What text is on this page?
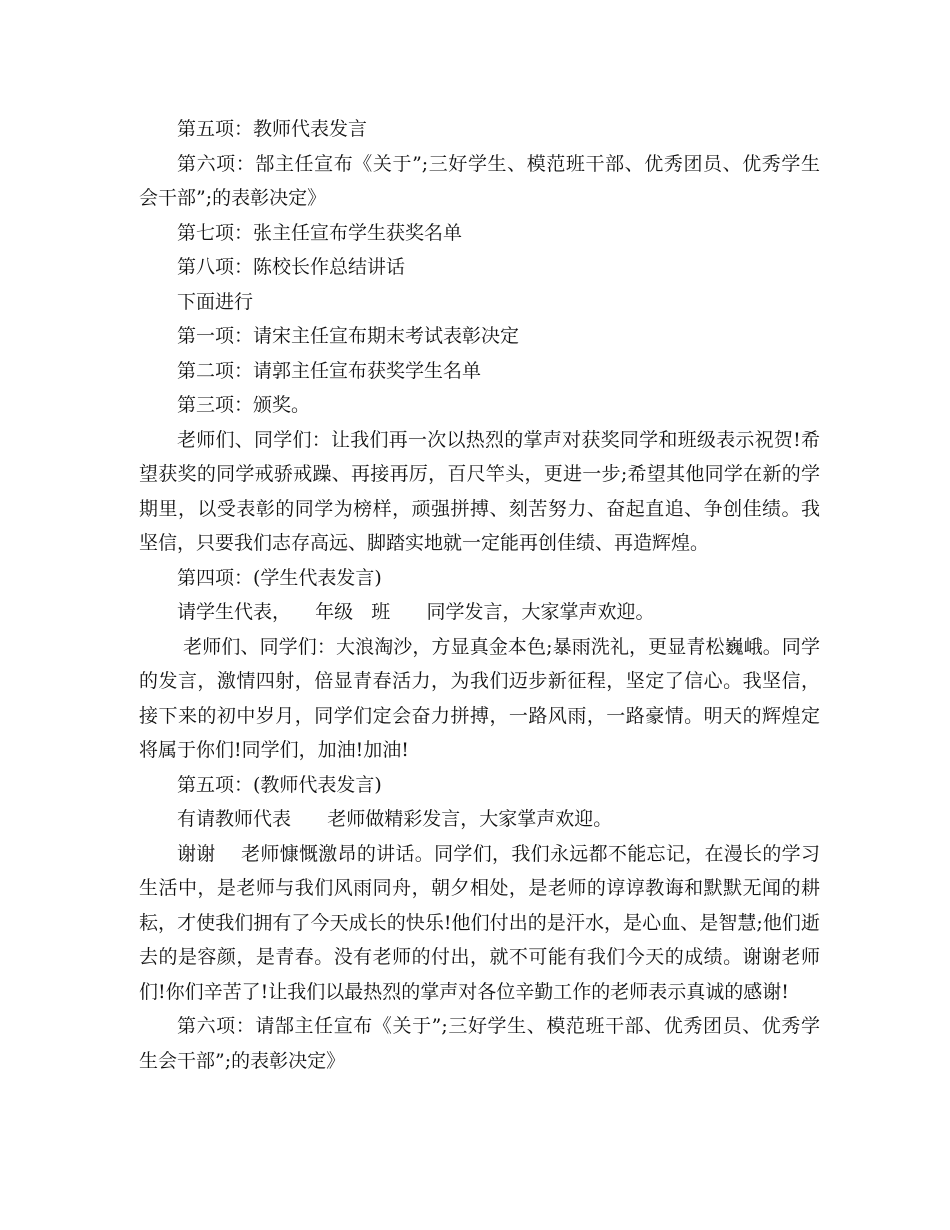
第五项：教师代表发言

第六项：郜主任宣布《关于”;三好学生、模范班干部、优秀团员、优秀学生会干部”;的表彰决定》

第七项：张主任宣布学生获奖名单

第八项：陈校长作总结讲话

下面进行

第一项：请宋主任宣布期末考试表彰决定

第二项：请郭主任宣布获奖学生名单

第三项：颁奖。

老师们、同学们：让我们再一次以热烈的掌声对获奖同学和班级表示祝贺!希望获奖的同学戒骄戒躁、再接再厉，百尺竿头，更进一步;希望其他同学在新的学期里，以受表彰的同学为榜样，顽强拼搏、刻苦努力、奋起直追、争创佳绩。我坚信，只要我们志存高远、脚踏实地就一定能再创佳绩、再造辉煌。

第四项：(学生代表发言)

请学生代表，    年级   班      同学发言，大家掌声欢迎。

老师们、同学们：大浪淘沙，方显真金本色;暴雨洗礼，更显青松巍峨。同学的发言，激情四射，倍显青春活力，为我们迈步新征程，坚定了信心。我坚信，接下来的初中岁月，同学们定会奋力拼搏，一路风雨，一路豪情。明天的辉煌定将属于你们!同学们，加油!加油!

第五项：(教师代表发言)

有请教师代表      老师做精彩发言，大家掌声欢迎。

谢谢    老师慷慨激昂的讲话。同学们，我们永远都不能忘记，在漫长的学习生活中，是老师与我们风雨同舟，朝夕相处，是老师的谆谆教诲和默默无闻的耕耘，才使我们拥有了今天成长的快乐!他们付出的是汗水，是心血、是智慧;他们逝去的是容颜，是青春。没有老师的付出，就不可能有我们今天的成绩。谢谢老师们!你们辛苦了!让我们以最热烈的掌声对各位辛勤工作的老师表示真诚的感谢!

第六项：请郜主任宣布《关于”;三好学生、模范班干部、优秀团员、优秀学生会干部”;的表彰决定》
